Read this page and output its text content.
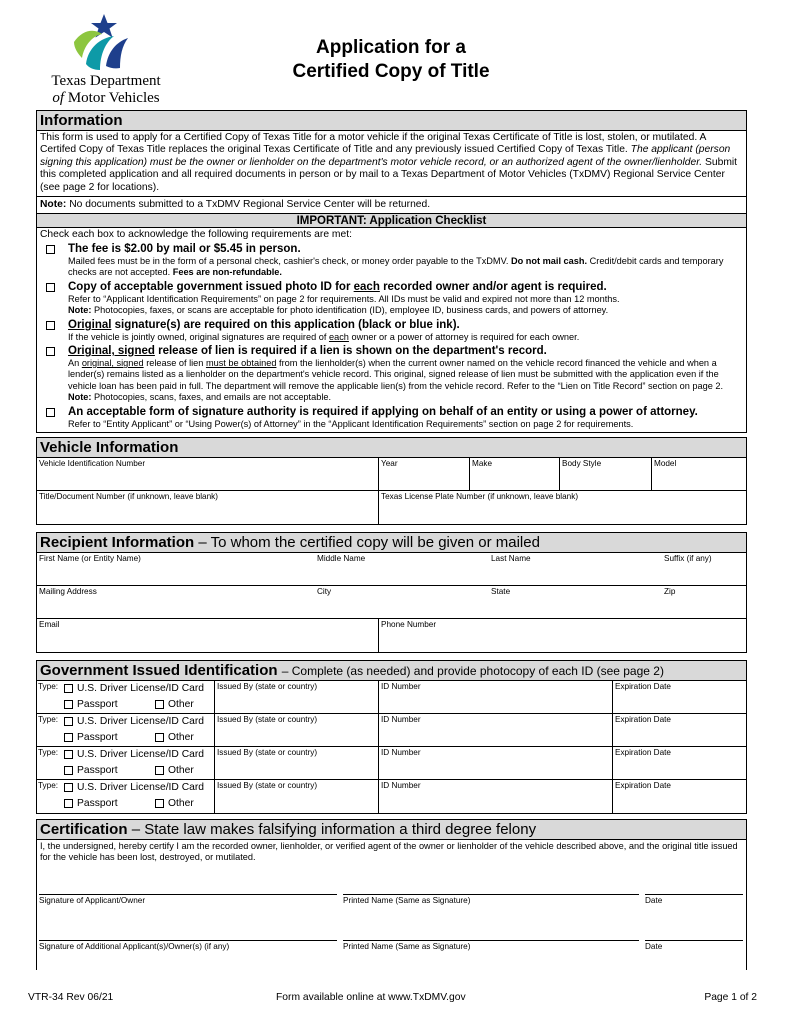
Texas Department
of Motor Vehicles
Application for a
Certified Copy of Title
Information
This form is used to apply for a Certified Copy of Texas Title for a motor vehicle if the original Texas Certificate of Title is lost, stolen, or mutilated. A Certifed Copy of Texas Title replaces the original Texas Certificate of Title and any previously issued Certified Copy of Texas Title. The applicant (person signing this application) must be the owner or lienholder on the department's motor vehicle record, or an authorized agent of the owner/lienholder. Submit this completed application and all required documents in person or by mail to a Texas Department of Motor Vehicles (TxDMV) Regional Service Center (see page 2 for locations).
Note: No documents submitted to a TxDMV Regional Service Center will be returned.
IMPORTANT: Application Checklist
Check each box to acknowledge the following requirements are met:
The fee is $2.00 by mail or $5.45 in person.
Mailed fees must be in the form of a personal check, cashier's check, or money order payable to the TxDMV. Do not mail cash. Credit/debit cards and temporary checks are not accepted. Fees are non-refundable.
Copy of acceptable government issued photo ID for each recorded owner and/or agent is required.
Refer to “Applicant Identification Requirements” on page 2 for requirements. All IDs must be valid and expired not more than 12 months.
Note: Photocopies, faxes, or scans are acceptable for photo identification (ID), employee ID, business cards, and powers of attorney.
Original signature(s) are required on this application (black or blue ink).
If the vehicle is jointly owned, original signatures are required of each owner or a power of attorney is required for each owner.
Original, signed release of lien is required if a lien is shown on the department's record.
An original, signed release of lien must be obtained from the lienholder(s) when the current owner named on the vehicle record financed the vehicle and when a lender(s) remains listed as a lienholder on the department's vehicle record. This original, signed release of lien must be submitted with the application even if the vehicle loan has been paid in full. The department will remove the applicable lien(s) from the vehicle record. Refer to the “Lien on Title Record” section on page 2. Note: Photocopies, scans, faxes, and emails are not acceptable.
An acceptable form of signature authority is required if applying on behalf of an entity or using a power of attorney.
Refer to “Entity Applicant” or “Using Power(s) of Attorney” in the “Applicant Identification Requirements” section on page 2 for requirements.
Vehicle Information
Vehicle Identification Number	Year	Make	Body Style	Model
Title/Document Number (if unknown, leave blank)	Texas License Plate Number (if unknown, leave blank)
Recipient Information – To whom the certified copy will be given or mailed
First Name (or Entity Name)	Middle Name	Last Name	Suffix (if any)
Mailing Address	City	State	Zip
Email	Phone Number
Government Issued Identification – Complete (as needed) and provide photocopy of each ID (see page 2)
Type:	U.S. Driver License/ID Card
Passport	Other
Issued By (state or country)	ID Number	Expiration Date
Type:	U.S. Driver License/ID Card
Passport	Other
Issued By (state or country)	ID Number	Expiration Date
Type:	U.S. Driver License/ID Card
Passport	Other
Issued By (state or country)	ID Number	Expiration Date
Type:	U.S. Driver License/ID Card
Passport	Other
Issued By (state or country)	ID Number	Expiration Date
Certification – State law makes falsifying information a third degree felony
I, the undersigned, hereby certify I am the recorded owner, lienholder, or verified agent of the owner or lienholder of the vehicle described above, and the original title issued for the vehicle has been lost, destroyed, or mutilated.
Signature of Applicant/Owner	Printed Name (Same as Signature)	Date
Signature of Additional Applicant(s)/Owner(s) (if any)	Printed Name (Same as Signature)	Date
VTR-34 Rev 06/21	Form available online at www.TxDMV.gov	Page 1 of 2
